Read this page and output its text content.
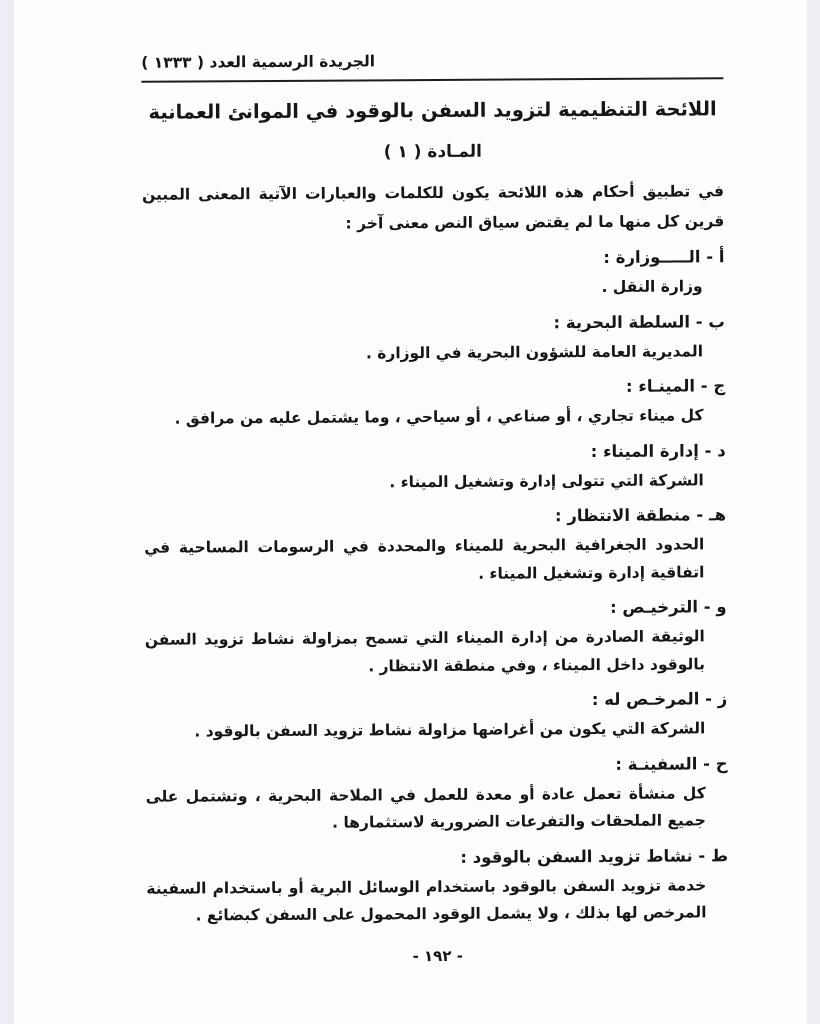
الجريدة الرسمية العدد ( ١٣٣٣ )
اللائحة التنظيمية لتزويد السفن بالوقود في الموانئ العمانية
المـادة ( ١ )

في تطبيق أحكام هذه اللائحة يكون للكلمات والعبارات الآتية المعنى المبين قرين كل منها ما لم يقتض سياق النص معنى آخر :

أ - الـــــوزارة :

وزارة النقل .

ب - السلطة البحرية :

المديرية العامة للشؤون البحرية في الوزارة .

ج - المينـاء :

كل ميناء تجاري ، أو صناعي ، أو سياحي ، وما يشتمل عليه من مرافق .

د - إدارة الميناء :

الشركة التي تتولى إدارة وتشغيل الميناء .

هـ - منطقة الانتظار :

الحدود الجغرافية البحرية للميناء والمحددة في الرسومات المساحية في اتفاقية إدارة وتشغيل الميناء .

و - الترخيـص :

الوثيقة الصادرة من إدارة الميناء التي تسمح بمزاولة نشاط تزويد السفن بالوقود داخل الميناء ، وفي منطقة الانتظار .

ز - المرخـص له :

الشركة التي يكون من أغراضها مزاولة نشاط تزويد السفن بالوقود .

ح - السفينـة :

كل منشأة تعمل عادة أو معدة للعمل في الملاحة البحرية ، وتشتمل على جميع الملحقات والتفرعات الضرورية لاستثمارها .

ط - نشاط تزويد السفن بالوقود :

خدمة تزويد السفن بالوقود باستخدام الوسائل البرية أو باستخدام السفينة المرخص لها بذلك ، ولا يشمل الوقود المحمول على السفن كبضائع .

- ١٩٢ -
